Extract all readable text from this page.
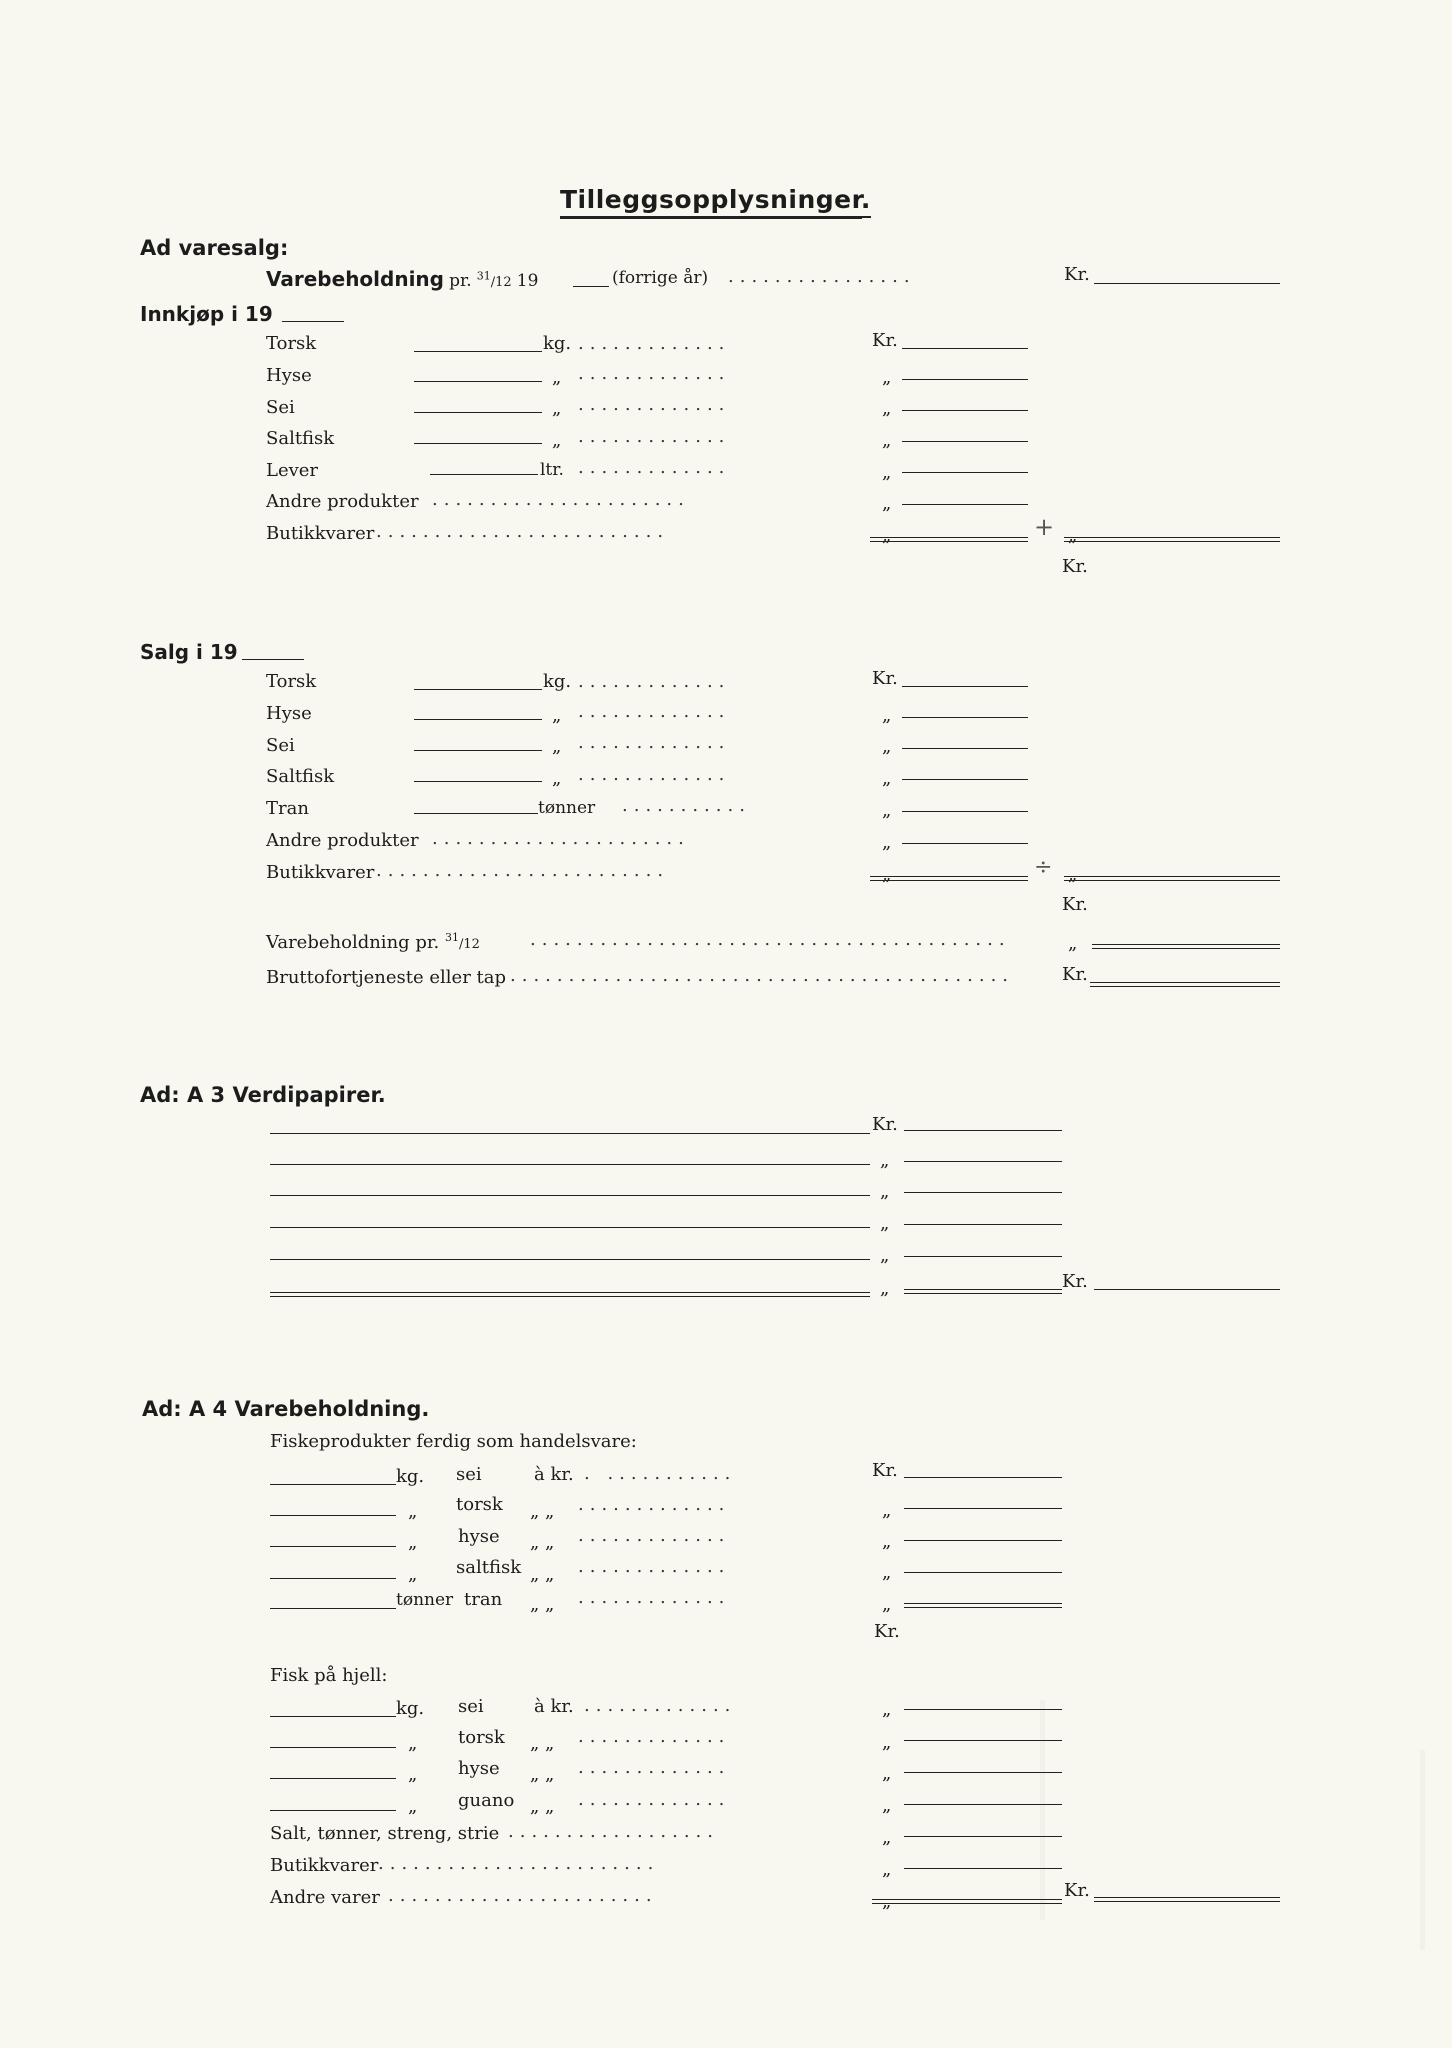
Tilleggsopplysninger.
Ad varesalg:
Varebeholdning pr. $^{31}$/12 19	(forrige år) ................	Kr.
Innkjøp i 19
Torsk	kg. .............	Kr.
Hyse	„ .............	„
Sei	„ .............	„
Saltfisk	„ .............	„
Lever	ltr. .............	„
Andre produkter ......................	„
Butikkvarer .........................	„	+ „
Kr.
Salg i 19
Torsk	kg. .............	Kr.
Hyse	„ .............	„
Sei	„ .............	„
Saltfisk	„ .............	„
Tran	tønner ...........	„
Andre produkter ......................	„
Butikkvarer .........................	„	÷ „
Kr.
Varebeholdning pr. $^{31}$/12	.........................................	„
Bruttofortjeneste eller tap ...........................................	Kr.
Ad: A 3 Verdipapirer.
Kr.
„
„
„
„
„	Kr.
Ad: A 4 Varebeholdning.
Fiskeprodukter ferdig som handelsvare:
kg. sei	à kr. . ...........	Kr.
„ torsk „ „ .............	„
„ hyse „ „ .............	„
„ saltfisk „ „ .............	„
tønner tran „ „ .............	„
Kr.
Fisk på hjell:
kg. sei	à kr. .............	„
„ torsk „ „ .............	„
„ hyse „ „ .............	„
„ guano „ „ .............	„
Salt, tønner, streng, strie ..................	„
Butikkvarer ........................	„
Andre varer .......................	„
Kr.
